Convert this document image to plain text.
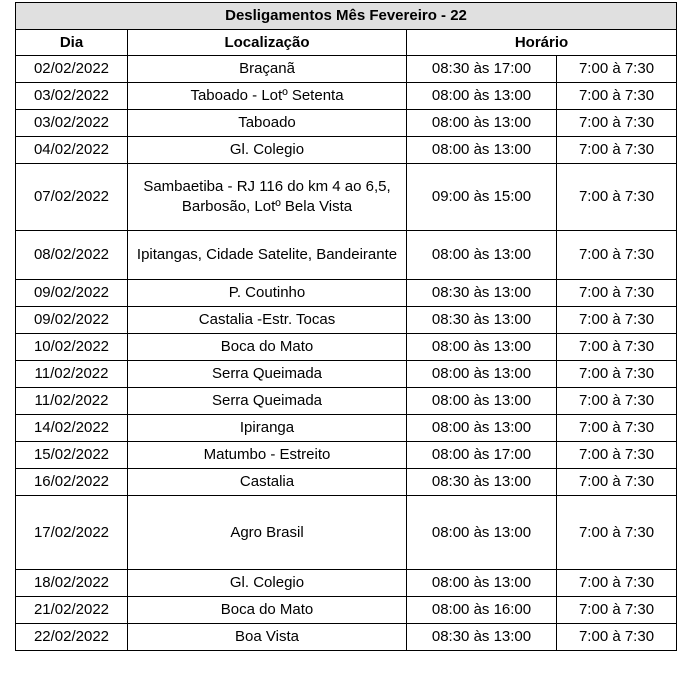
Desligamentos Mês Fevereiro - 22			
Dia	Localização	Horário	
02/02/2022	Braçanã	08:30 às 17:00	7:00 à 7:30
03/02/2022	Taboado - Lotº Setenta	08:00 às 13:00	7:00 à 7:30
03/02/2022	Taboado	08:00 às 13:00	7:00 à 7:30
04/02/2022	Gl. Colegio	08:00 às 13:00	7:00 à 7:30
07/02/2022	Sambaetiba - RJ 116 do km 4 ao 6,5, Barbosão, Lotº Bela Vista	09:00 às 15:00	7:00 à 7:30
08/02/2022	Ipitangas, Cidade Satelite, Bandeirante	08:00 às 13:00	7:00 à 7:30
09/02/2022	P. Coutinho	08:30 às 13:00	7:00 à 7:30
09/02/2022	Castalia -Estr. Tocas	08:30 às 13:00	7:00 à 7:30
10/02/2022	Boca do Mato	08:00 às 13:00	7:00 à 7:30
11/02/2022	Serra Queimada	08:00 às 13:00	7:00 à 7:30
11/02/2022	Serra Queimada	08:00 às 13:00	7:00 à 7:30
14/02/2022	Ipiranga	08:00 às 13:00	7:00 à 7:30
15/02/2022	Matumbo - Estreito	08:00 às 17:00	7:00 à 7:30
16/02/2022	Castalia	08:30 às 13:00	7:00 à 7:30
17/02/2022	Agro Brasil	08:00 às 13:00	7:00 à 7:30
18/02/2022	Gl. Colegio	08:00 às 13:00	7:00 à 7:30
21/02/2022	Boca do Mato	08:00 às 16:00	7:00 à 7:30
22/02/2022	Boa Vista	08:30 às 13:00	7:00 à 7:30
